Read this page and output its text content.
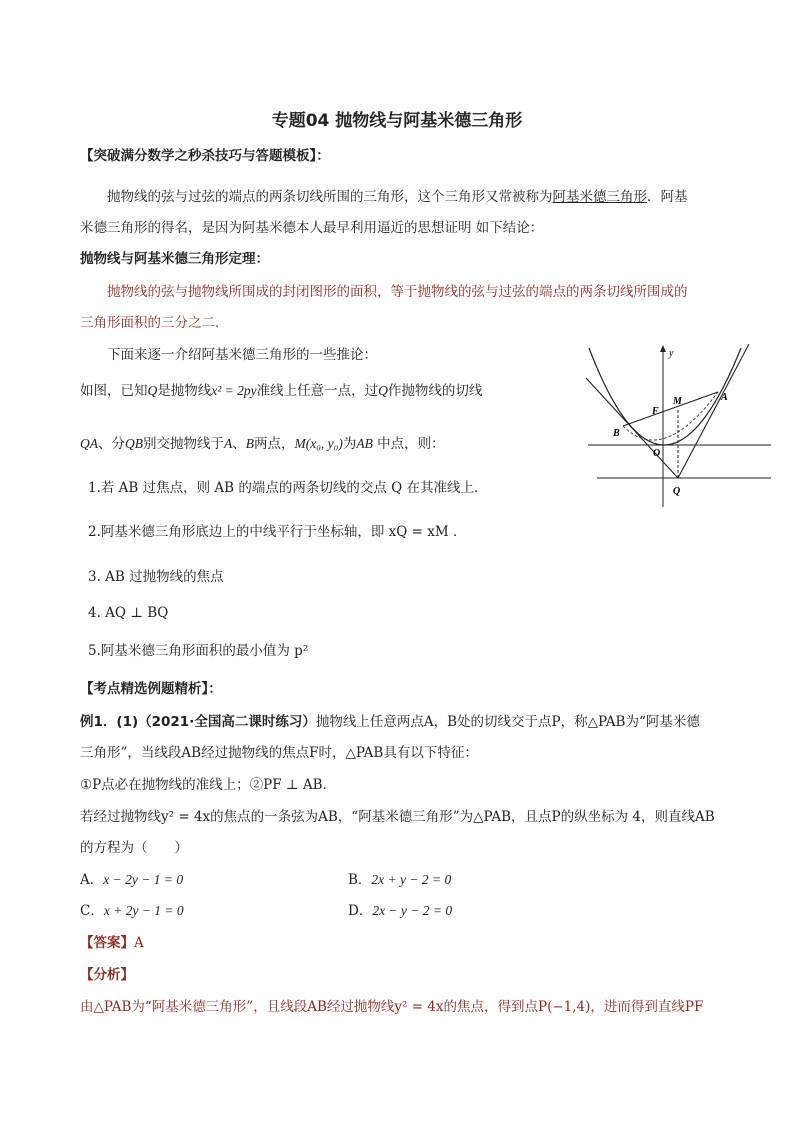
专题04 抛物线与阿基米德三角形
【突破满分数学之秒杀技巧与答题模板】：
抛物线的弦与过弦的端点的两条切线所围的三角形，这个三角形又常被称为阿基米德三角形．阿基
米德三角形的得名，是因为阿基米德本人最早利用逼近的思想证明 如下结论：
抛物线与阿基米德三角形定理：
抛物线的弦与抛物线所围成的封闭图形的面积，等于抛物线的弦与过弦的端点的两条切线所围成的
三角形面积的三分之二．
下面来逐一介绍阿基米德三角形的一些推论：
如图，已知Q是抛物线x² = 2py准线上任意一点，过Q作抛物线的切线
QA、分QB别交抛物线于A、B两点，M(x₀, y₀)为AB 中点，则：
1.若 AB 过焦点，则 AB 的端点的两条切线的交点 Q 在其准线上．
2.阿基米德三角形底边上的中线平行于坐标轴，即 xQ = xM ．
3. AB 过抛物线的焦点
4. AQ ⊥ BQ
5.阿基米德三角形面积的最小值为 p²
y
M	A
F
B
O
Q
【考点精选例题精析】：
例1．(1)（2021·全国高二课时练习）抛物线上任意两点A，B处的切线交于点P，称△PAB为“阿基米德
三角形”，当线段AB经过抛物线的焦点F时，△PAB具有以下特征：
①P点必在抛物线的准线上；②PF ⊥ AB．
若经过抛物线y² = 4x的焦点的一条弦为AB，“阿基米德三角形”为△PAB，且点P的纵坐标为 4，则直线AB
的方程为（　　）
A．x − 2y − 1 = 0	B．2x + y − 2 = 0
C．x + 2y − 1 = 0	D．2x − y − 2 = 0
【答案】A
【分析】
由△PAB为“阿基米德三角形”，且线段AB经过抛物线y² = 4x的焦点，得到点P(−1,4)，进而得到直线PF
